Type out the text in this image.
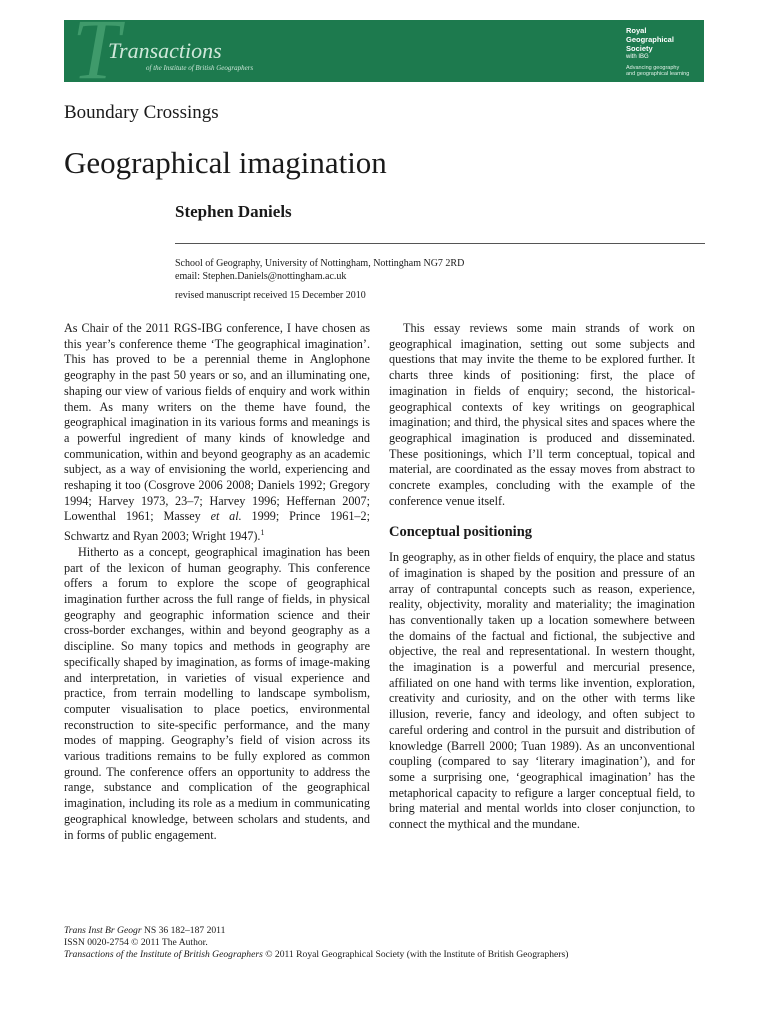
T
Transactions
of the Institute of British Geographers
Royal
Geographical
Society
with IBG
Advancing geography
and geographical learning
Boundary Crossings
Geographical imagination
Stephen Daniels
School of Geography, University of Nottingham, Nottingham NG7 2RD
email: Stephen.Daniels@nottingham.ac.uk
revised manuscript received 15 December 2010

As Chair of the 2011 RGS-IBG conference, I have chosen as this year’s conference theme ‘The geographical imagination’. This has proved to be a perennial theme in Anglophone geography in the past 50 years or so, and an illuminating one, shaping our view of various fields of enquiry and work within them. As many writers on the theme have found, the geographical imagination in its various forms and meanings is a powerful ingredient of many kinds of knowledge and communication, within and beyond geography as an academic subject, as a way of envisioning the world, experiencing and reshaping it too (Cosgrove 2006 2008; Daniels 1992; Gregory 1994; Harvey 1973, 23–7; Harvey 1996; Heffernan 2007; Lowenthal 1961; Massey et al. 1999; Prince 1961–2; Schwartz and Ryan 2003; Wright 1947).$^1$

Hitherto as a concept, geographical imagination has been part of the lexicon of human geography. This conference offers a forum to explore the scope of geographical imagination further across the full range of fields, in physical geography and geographic information science and their cross-border exchanges, within and beyond geography as a discipline. So many topics and methods in geography are specifically shaped by imagination, as forms of image-making and interpretation, in varieties of visual experience and practice, from terrain modelling to landscape symbolism, computer visualisation to place poetics, environmental reconstruction to site-specific performance, and the many modes of mapping. Geography’s field of vision across its various traditions remains to be fully explored as common ground. The conference offers an opportunity to address the range, substance and complication of the geographical imagination, including its role as a medium in communicating geographical knowledge, between scholars and students, and in forms of public engagement.

This essay reviews some main strands of work on geographical imagination, setting out some subjects and questions that may invite the theme to be explored further. It charts three kinds of positioning: first, the place of imagination in fields of enquiry; second, the historical-geographical contexts of key writings on geographical imagination; and third, the physical sites and spaces where the geographical imagination is produced and disseminated. These positionings, which I’ll term conceptual, topical and material, are coordinated as the essay moves from abstract to concrete examples, concluding with the example of the conference venue itself.

Conceptual positioning

In geography, as in other fields of enquiry, the place and status of imagination is shaped by the position and pressure of an array of contrapuntal concepts such as reason, experience, reality, objectivity, morality and materiality; the imagination has conventionally taken up a location somewhere between the domains of the factual and fictional, the subjective and objective, the real and representational. In western thought, the imagination is a powerful and mercurial presence, affiliated on one hand with terms like invention, exploration, creativity and curiosity, and on the other with terms like illusion, reverie, fancy and ideology, and often subject to careful ordering and control in the pursuit and distribution of knowledge (Barrell 2000; Tuan 1989). As an unconventional coupling (compared to say ‘literary imagination’), and for some a surprising one, ‘geographical imagination’ has the metaphorical capacity to refigure a larger conceptual field, to bring material and mental worlds into closer conjunction, to connect the mythical and the mundane.

Trans Inst Br Geogr NS 36 182–187 2011
ISSN 0020-2754 © 2011 The Author.
Transactions of the Institute of British Geographers © 2011 Royal Geographical Society (with the Institute of British Geographers)
